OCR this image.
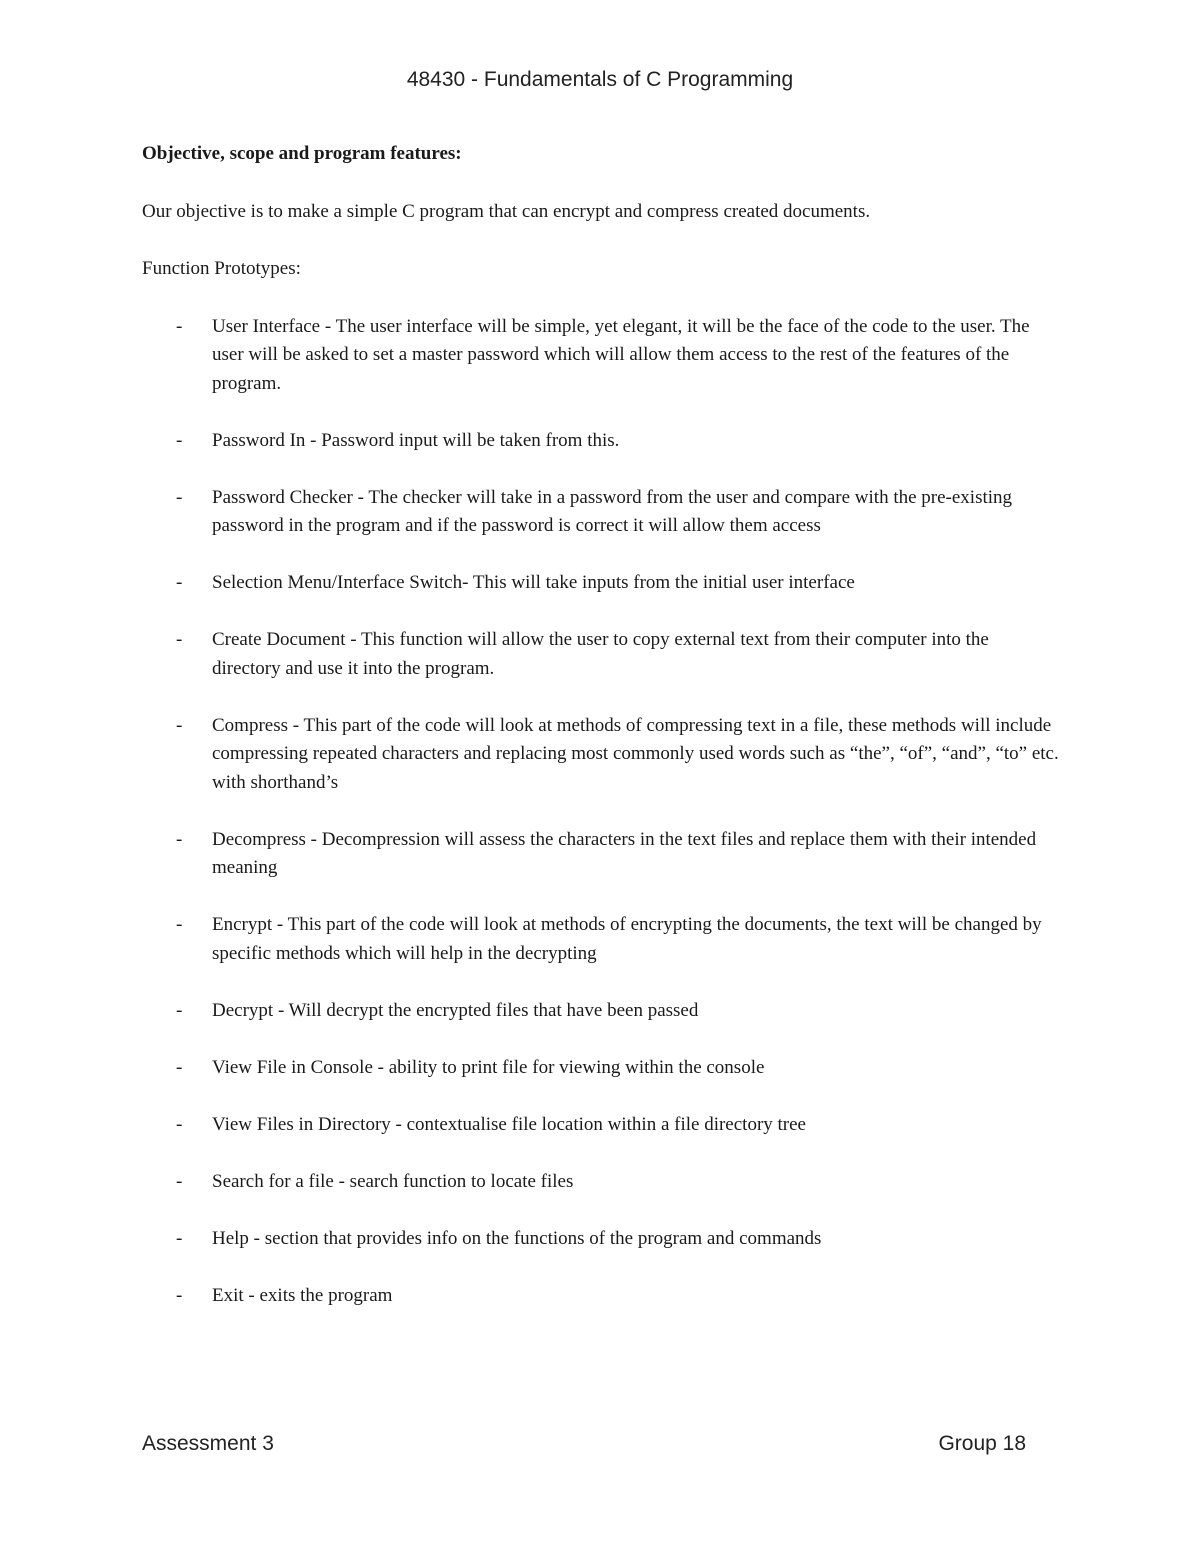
48430 - Fundamentals of C Programming

Objective, scope and program features:

Our objective is to make a simple C program that can encrypt and compress created documents.

Function Prototypes:

- User Interface - The user interface will be simple, yet elegant, it will be the face of the code to the user. The user will be asked to set a master password which will allow them access to the rest of the features of the program.
- Password In - Password input will be taken from this.
- Password Checker - The checker will take in a password from the user and compare with the pre-existing password in the program and if the password is correct it will allow them access
- Selection Menu/Interface Switch- This will take inputs from the initial user interface
- Create Document - This function will allow the user to copy external text from their computer into the directory and use it into the program.
- Compress - This part of the code will look at methods of compressing text in a file, these methods will include compressing repeated characters and replacing most commonly used words such as “the”, “of”, “and”, “to” etc. with shorthand’s
- Decompress - Decompression will assess the characters in the text files and replace them with their intended meaning
- Encrypt - This part of the code will look at methods of encrypting the documents, the text will be changed by specific methods which will help in the decrypting
- Decrypt - Will decrypt the encrypted files that have been passed
- View File in Console - ability to print file for viewing within the console
- View Files in Directory - contextualise file location within a file directory tree
- Search for a file - search function to locate files
- Help - section that provides info on the functions of the program and commands
- Exit - exits the program
Assessment 3	Group 18
